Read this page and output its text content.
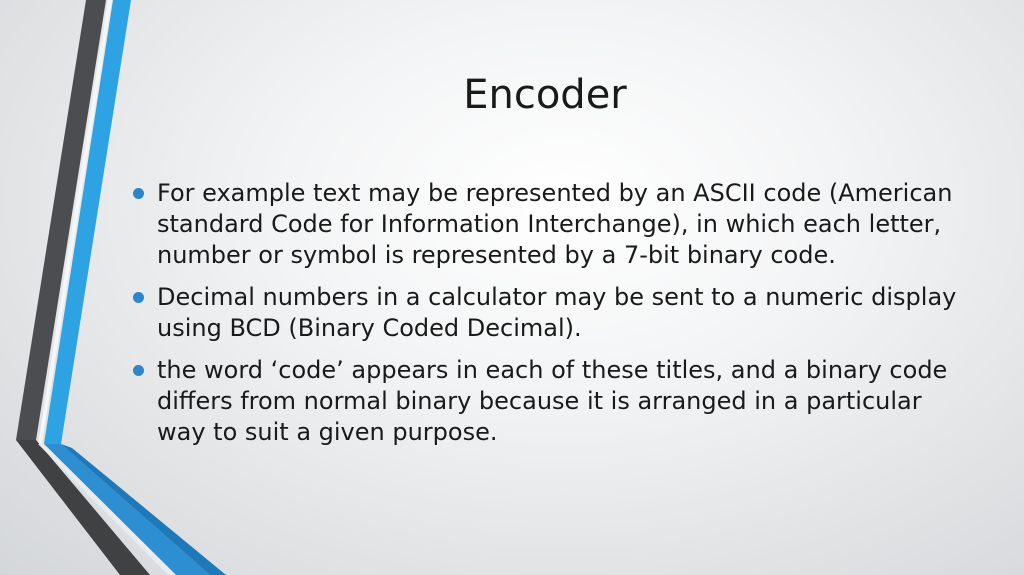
Encoder
For example text may be represented by an ASCII code (American standard Code for Information Interchange), in which each letter, number or symbol is represented by a 7-bit binary code.
Decimal numbers in a calculator may be sent to a numeric display using BCD (Binary Coded Decimal).
the word ‘code’ appears in each of these titles, and a binary code differs from normal binary because it is arranged in a particular way to suit a given purpose.
